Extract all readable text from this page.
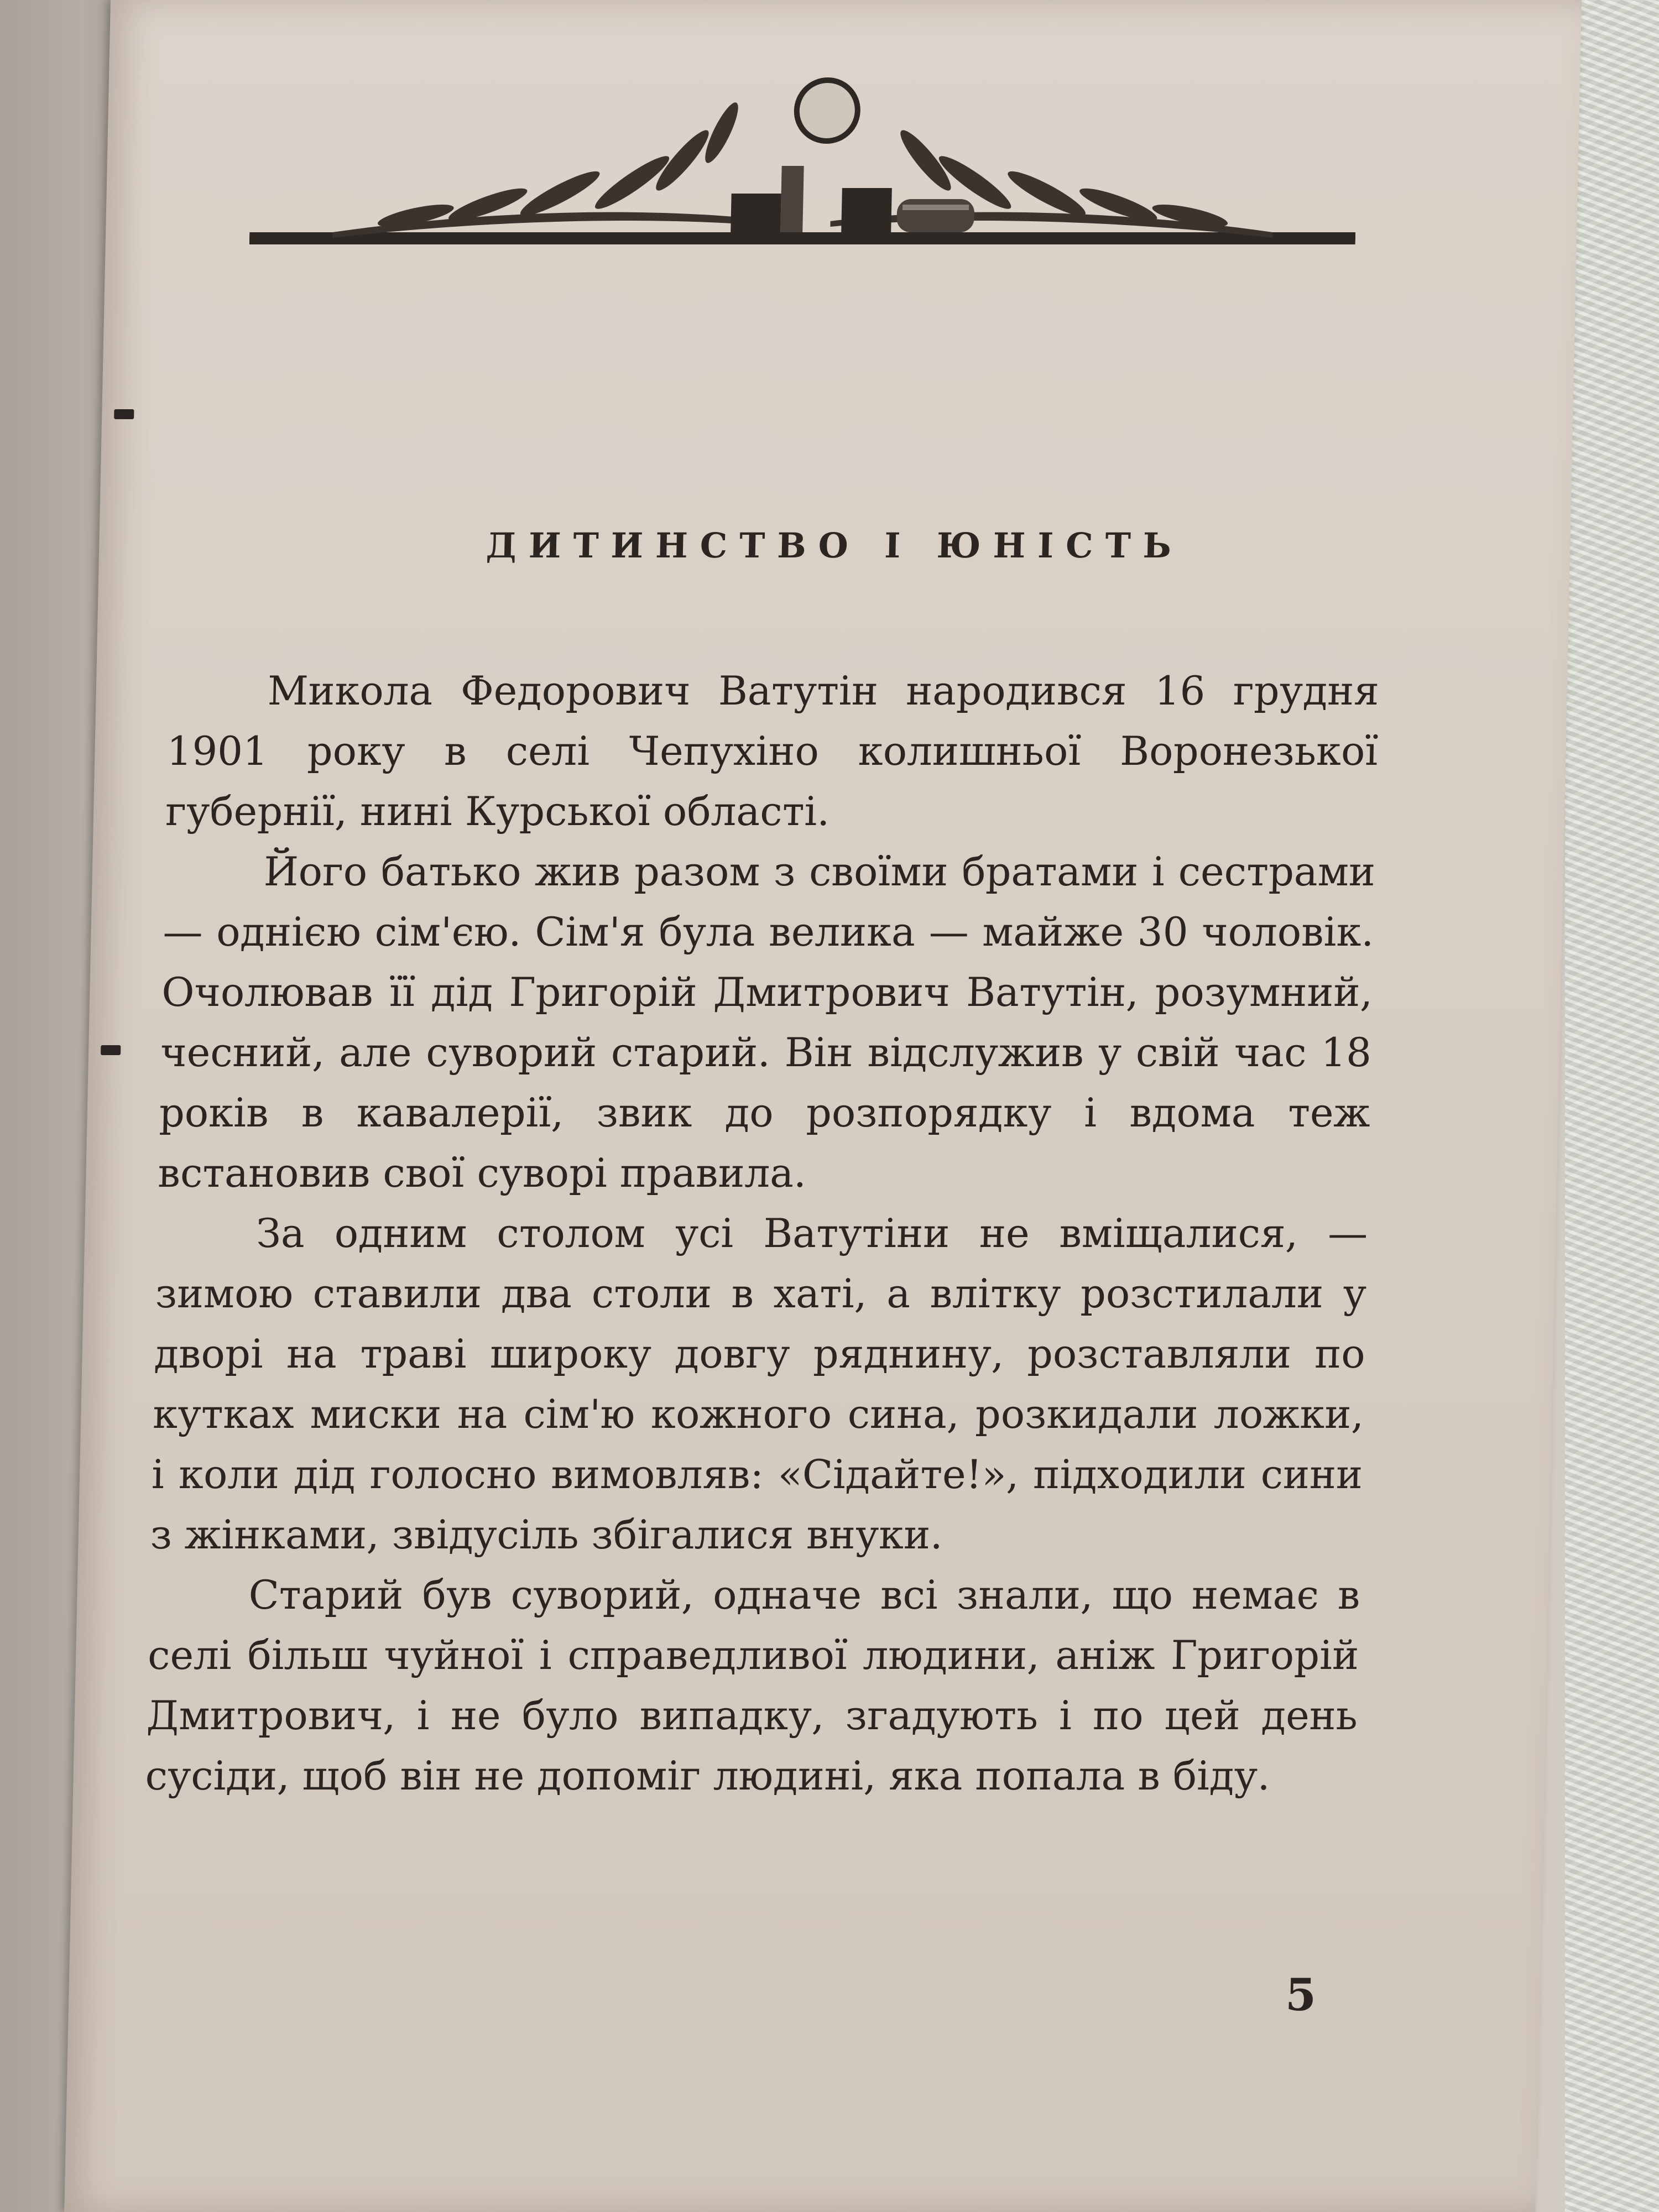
ДИТИНСТВО І ЮНІСТЬ

Микола Федорович Ватутін народився 16 грудня 1901 року в селі Чепухіно колишньої Воронезької губернії, нині Курської області.

Його батько жив разом з своїми братами і сестрами — однією сім'єю. Сім'я була велика — майже 30 чоловік. Очолював її дід Григорій Дмитрович Ватутін, розумний, чесний, але суворий старий. Він відслужив у свій час 18 років в кавалерії, звик до розпорядку і вдома теж встановив свої суворі правила.

За одним столом усі Ватутіни не вміщалися, — зимою ставили два столи в хаті, а влітку розстилали у дворі на траві широку довгу ряднину, розставляли по кутках миски на сім'ю кожного сина, розкидали ложки, і коли дід голосно вимовляв: «Сідайте!», підходили сини з жінками, звідусіль збігалися внуки.

Старий був суворий, одначе всі знали, що немає в селі більш чуйної і справедливої людини, аніж Григорій Дмитрович, і не було випадку, згадують і по цей день сусіди, щоб він не допоміг людині, яка попала в біду.

5
